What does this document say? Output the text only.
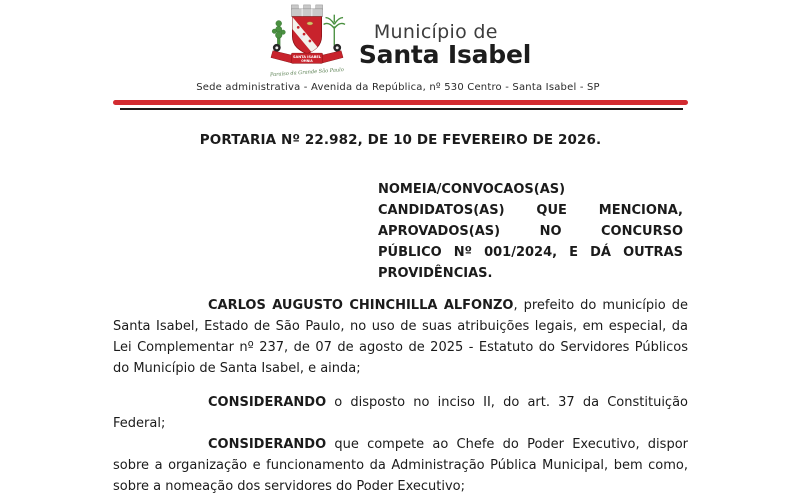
SANTA ISABEL
OMNIA
Paraíso da Grande São Paulo
Município de
Santa Isabel
Sede administrativa - Avenida da República, nº 530 Centro - Santa Isabel - SP
PORTARIA Nº 22.982, DE 10 DE FEVEREIRO DE 2026.
NOMEIA/CONVOCAOS(AS)
CANDIDATOS(AS) QUE MENCIONA,
APROVADOS(AS) NO CONCURSO
PÚBLICO Nº 001/2024, E DÁ OUTRAS
PROVIDÊNCIAS.

CARLOS AUGUSTO CHINCHILLA ALFONZO, prefeito do município de Santa Isabel, Estado de São Paulo, no uso de suas atribuições legais, em especial, da Lei Complementar nº 237, de 07 de agosto de 2025 - Estatuto do Servidores Públicos do Município de Santa Isabel, e ainda;

CONSIDERANDO o disposto no inciso II, do art. 37 da Constituição Federal;

CONSIDERANDO que compete ao Chefe do Poder Executivo, dispor sobre a organização e funcionamento da Administração Pública Municipal, bem como, sobre a nomeação dos servidores do Poder Executivo;
